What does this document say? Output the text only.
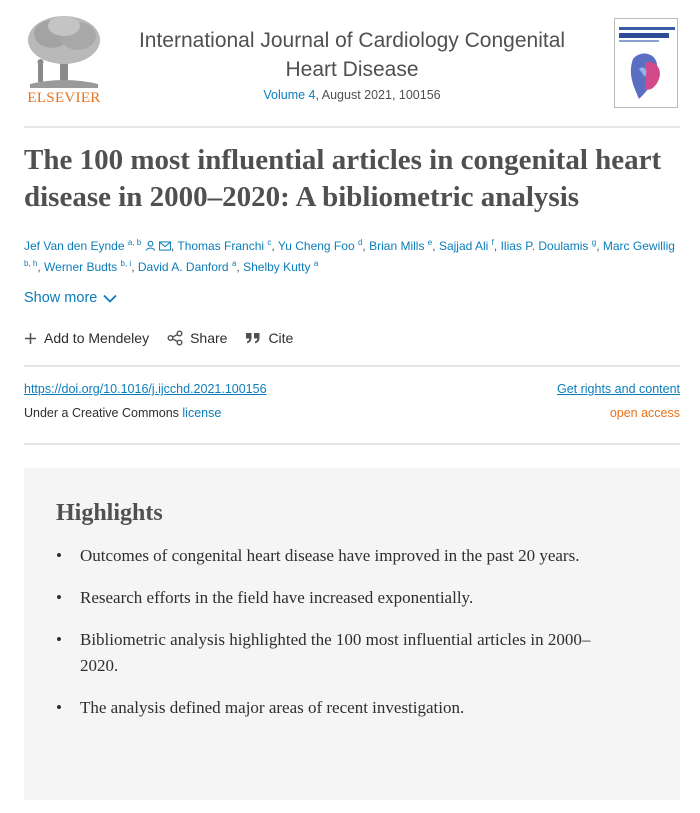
ELSEVIER
International Journal of Cardiology Congenital Heart Disease
Volume 4, August 2021, 100156
The 100 most influential articles in congenital heart disease in 2000–2020: A bibliometric analysis
Jef Van den Eynde $^{a, b}$ , Thomas Franchi $^c$, Yu Cheng Foo $^d$, Brian Mills $^e$, Sajjad Ali $^f$, Ilias P. Doulamis $^g$, Marc Gewillig $^{b, h}$, Werner Budts $^{b, i}$, David A. Danford $^a$, Shelby Kutty $^a$
Show more
Add to Mendeley	Share	Cite
https://doi.org/10.1016/j.ijcchd.2021.100156	Get rights and content
Under a Creative Commons license	open access
Highlights
• Outcomes of congenital heart disease have improved in the past 20 years.
• Research efforts in the field have increased exponentially.
• Bibliometric analysis highlighted the 100 most influential articles in 2000–2020.
• The analysis defined major areas of recent investigation.
